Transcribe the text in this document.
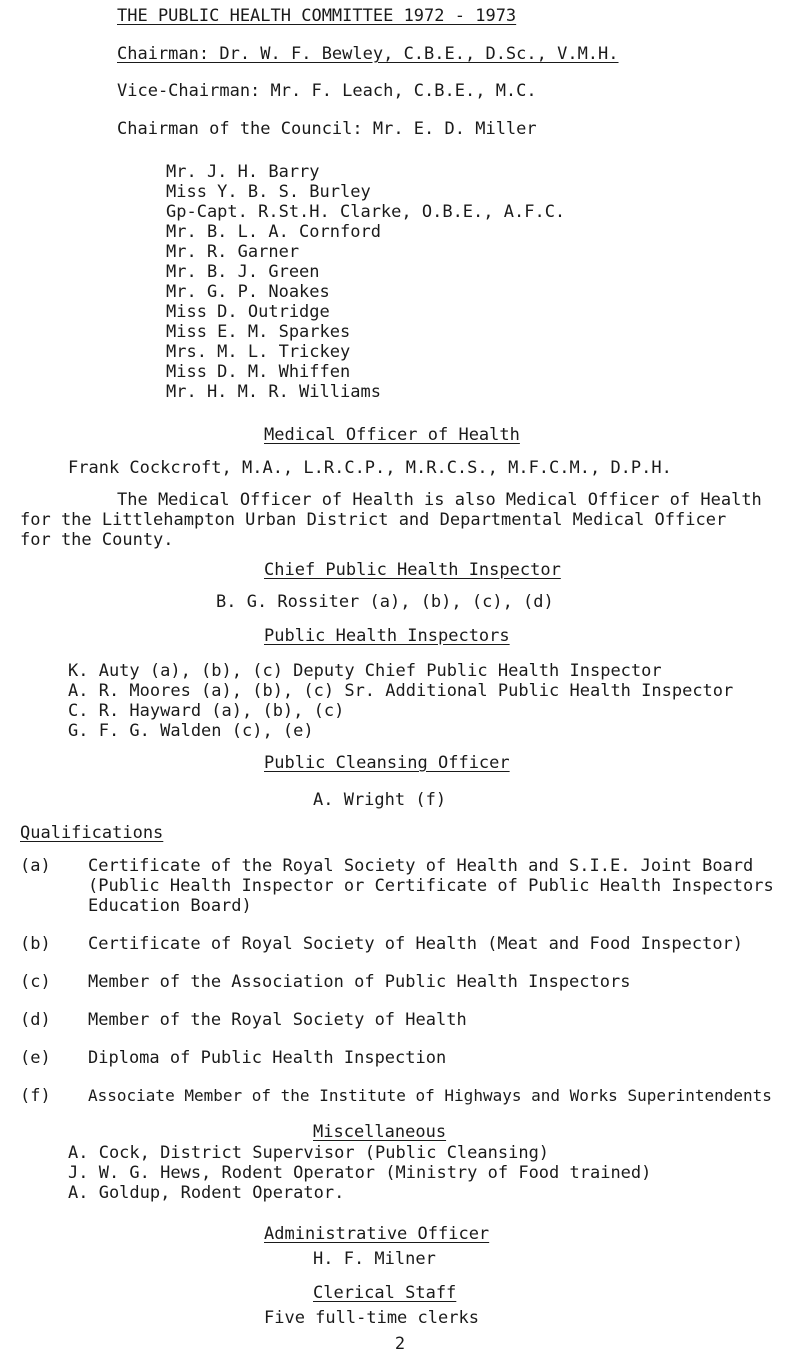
THE PUBLIC HEALTH COMMITTEE 1972 - 1973
Chairman: Dr. W. F. Bewley, C.B.E., D.Sc., V.M.H.
Vice-Chairman: Mr. F. Leach, C.B.E., M.C.
Chairman of the Council: Mr. E. D. Miller
Mr. J. H. Barry
Miss Y. B. S. Burley
Gp-Capt. R.St.H. Clarke, O.B.E., A.F.C.
Mr. B. L. A. Cornford
Mr. R. Garner
Mr. B. J. Green
Mr. G. P. Noakes
Miss D. Outridge
Miss E. M. Sparkes
Mrs. M. L. Trickey
Miss D. M. Whiffen
Mr. H. M. R. Williams
Medical Officer of Health
Frank Cockcroft, M.A., L.R.C.P., M.R.C.S., M.F.C.M., D.P.H.
The Medical Officer of Health is also Medical Officer of Health
for the Littlehampton Urban District and Departmental Medical Officer
for the County.
Chief Public Health Inspector
B. G. Rossiter (a), (b), (c), (d)
Public Health Inspectors
K. Auty (a), (b), (c) Deputy Chief Public Health Inspector
A. R. Moores (a), (b), (c) Sr. Additional Public Health Inspector
C. R. Hayward (a), (b), (c)
G. F. G. Walden (c), (e)
Public Cleansing Officer
A. Wright (f)
Qualifications
(a) Certificate of the Royal Society of Health and S.I.E. Joint Board
(Public Health Inspector or Certificate of Public Health Inspectors
Education Board)
(b) Certificate of Royal Society of Health (Meat and Food Inspector)
(c) Member of the Association of Public Health Inspectors
(d) Member of the Royal Society of Health
(e) Diploma of Public Health Inspection
(f) Associate Member of the Institute of Highways and Works Superintendents
Miscellaneous
A. Cock, District Supervisor (Public Cleansing)
J. W. G. Hews, Rodent Operator (Ministry of Food trained)
A. Goldup, Rodent Operator.
Administrative Officer
H. F. Milner
Clerical Staff
Five full-time clerks
2
